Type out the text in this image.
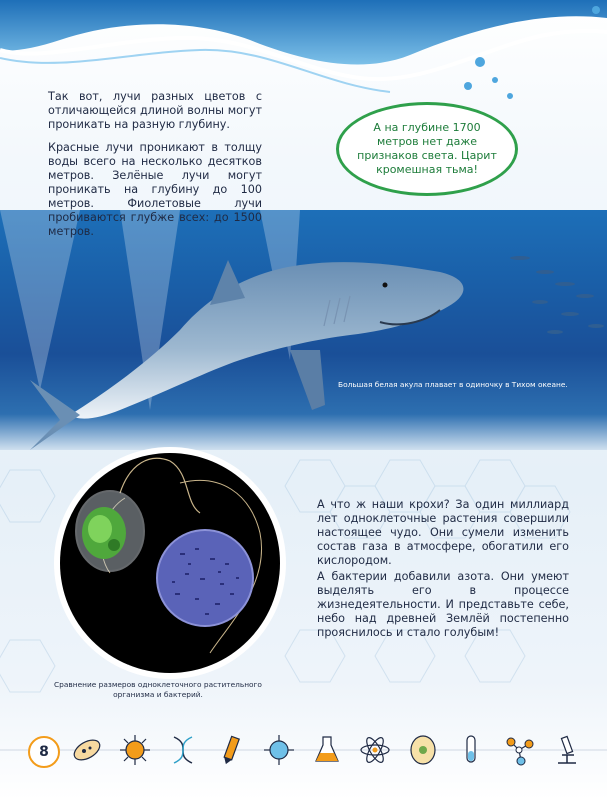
Так вот, лучи разных цветов с отличающейся длиной волны могут проникать на разную глубину.

Красные лучи проникают в толщу воды всего на несколько десятков метров. Зелёные лучи могут проникать на глубину до 100 метров. Фиолетовые лучи пробиваются глубже всех: до 1500 метров.

А на глубине 1700 метров нет даже признаков света. Царит кромешная тьма!
Большая белая акула плавает в одиночку в Тихом океане.
Сравнение размеров одноклеточного растительного организма и бактерий.

А что ж наши крохи? За один миллиард лет одноклеточные растения совершили настоящее чудо. Они сумели изменить состав газа в атмосфере, обогатили его кислородом.

А бактерии добавили азота. Они умеют выделять его в процессе жизнедеятельности. И представьте себе, небо над древней Землёй постепенно прояснилось и стало голубым!

8
